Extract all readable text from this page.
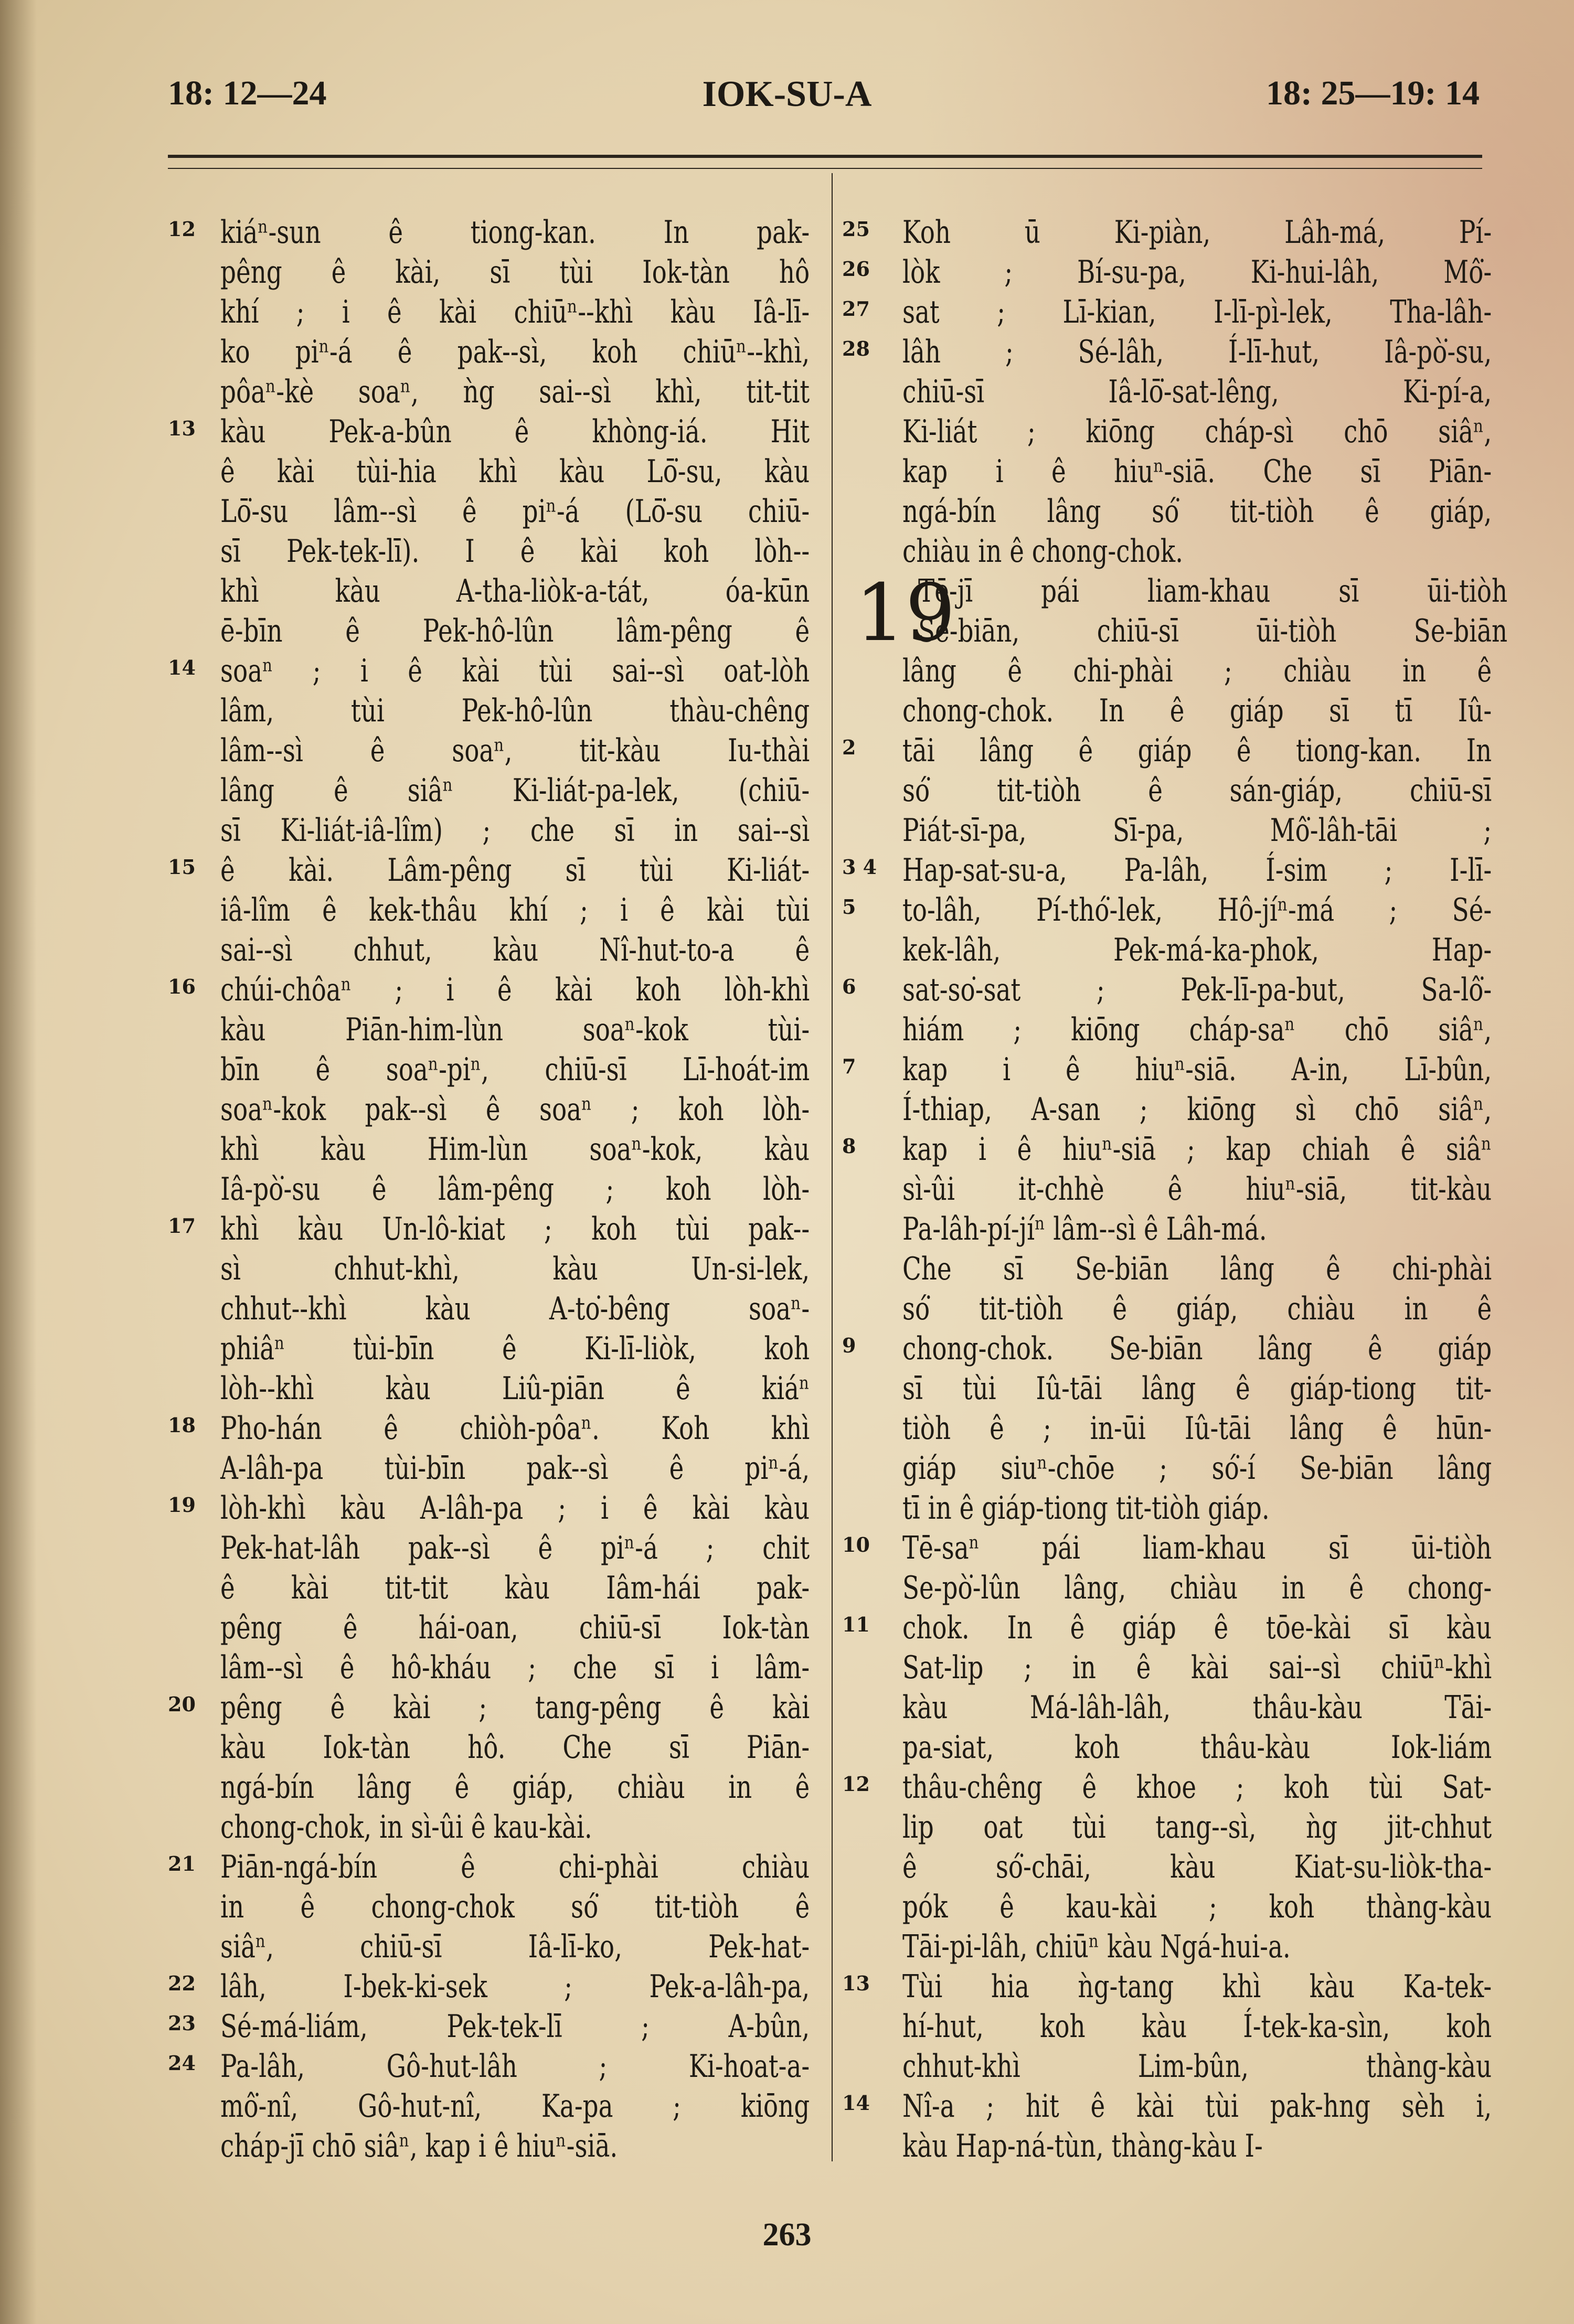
18: 12—24	IOK-SU-A	18: 25—19: 14
12 kiáⁿ-sun ê tiong-kan. In pak-
pêng ê kài, sī tùi Iok-tàn hô
khí ; i ê kài chiūⁿ--khì kàu Iâ-lī-
ko piⁿ-á ê pak--sì, koh chiūⁿ--khì,
pôaⁿ-kè soaⁿ, ǹg sai--sì khì, tit-tit
13 kàu Pek-a-bûn ê khòng-iá. Hit
ê kài tùi-hia khì kàu Lō͘-su, kàu
Lō͘-su lâm--sì ê piⁿ-á (Lō͘-su chiū-
sī Pek-tek-lī). I ê kài koh lòh--
khì kàu A-tha-liòk-a-tát, óa-kūn
ē-bīn ê Pek-hô-lûn lâm-pêng ê
14 soaⁿ ; i ê kài tùi sai--sì oat-lòh
lâm, tùi Pek-hô-lûn thàu-chêng
lâm--sì ê soaⁿ, tit-kàu Iu-thài
lâng ê siâⁿ Ki-liát-pa-lek, (chiū-
sī Ki-liát-iâ-lîm) ; che sī in sai--sì
15 ê kài. Lâm-pêng sī tùi Ki-liát-
iâ-lîm ê kek-thâu khí ; i ê kài tùi
sai--sì chhut, kàu Nî-hut-to-a ê
16 chúi-chôaⁿ ; i ê kài koh lòh-khì
kàu Piān-him-lùn soaⁿ-kok tùi-
bīn ê soaⁿ-piⁿ, chiū-sī Lī-hoát-im
soaⁿ-kok pak--sì ê soaⁿ ; koh lòh-
khì kàu Him-lùn soaⁿ-kok, kàu
Iâ-pò͘-su ê lâm-pêng ; koh lòh-
17 khì kàu Un-lô-kiat ; koh tùi pak--
sì chhut-khì, kàu Un-si-lek,
chhut--khì kàu A-to͘-bêng soaⁿ-
phiâⁿ tùi-bīn ê Ki-lī-liòk, koh
lòh--khì kàu Liû-piān ê kiáⁿ
18 Pho-hán ê chiòh-pôaⁿ. Koh khì
A-lâh-pa tùi-bīn pak--sì ê piⁿ-á,
19 lòh-khì kàu A-lâh-pa ; i ê kài kàu
Pek-hat-lâh pak--sì ê piⁿ-á ; chit
ê kài tit-tit kàu Iâm-hái pak-
pêng ê hái-oan, chiū-sī Iok-tàn
lâm--sì ê hô-kháu ; che sī i lâm-
20 pêng ê kài ; tang-pêng ê kài
kàu Iok-tàn hô. Che sī Piān-
ngá-bín lâng ê giáp, chiàu in ê
chong-chok, in sì-ûi ê kau-kài.
21 Piān-ngá-bín ê chi-phài chiàu
in ê chong-chok só͘ tit-tiòh ê
siâⁿ, chiū-sī Iâ-lī-ko, Pek-hat-
22 lâh, I-bek-ki-sek ; Pek-a-lâh-pa,
23 Sé-má-liám, Pek-tek-lī ; A-bûn,
24 Pa-lâh, Gô-hut-lâh ; Ki-hoat-a-
mô͘-nî, Gô-hut-nî, Ka-pa ; kiōng
cháp-jī chō siâⁿ, kap i ê hiuⁿ-siā.
25 Koh ū Ki-piàn, Lâh-má, Pí-
26 lòk ; Bí-su-pa, Ki-hui-lâh, Mô͘-
27 sat ; Lī-kian, I-lī-pì-lek, Tha-lâh-
28 lâh ; Sé-lâh, Í-lī-hut, Iâ-pò͘-su,
chiū-sī Iâ-lō͘-sat-lêng, Ki-pí-a,
Ki-liát ; kiōng cháp-sì chō siâⁿ,
kap i ê hiuⁿ-siā. Che sī Piān-
ngá-bín lâng só͘ tit-tiòh ê giáp,
chiàu in ê chong-chok.
19
Tē-jī pái liam-khau sī ūi-tiòh
Se-biān, chiū-sī ūi-tiòh Se-biān
lâng ê chi-phài ; chiàu in ê
chong-chok. In ê giáp sī tī Iû-
2 tāi lâng ê giáp ê tiong-kan. In
só͘ tit-tiòh ê sán-giáp, chiū-sī
Piát-sī-pa, Sī-pa, Mô͘-lâh-tāi ;
3 4 Hap-sat-su-a, Pa-lâh, Í-sim ; I-lī-
5 to-lâh, Pí-thó͘-lek, Hô-jíⁿ-má ; Sé-
kek-lâh, Pek-má-ka-phok, Hap-
6 sat-so͘-sat ; Pek-lī-pa-but, Sa-lô͘-
hiám ; kiōng cháp-saⁿ chō siâⁿ,
7 kap i ê hiuⁿ-siā. A-in, Lī-bûn,
Í-thiap, A-san ; kiōng sì chō siâⁿ,
8 kap i ê hiuⁿ-siā ; kap chiah ê siâⁿ
sì-ûi it-chhè ê hiuⁿ-siā, tit-kàu
Pa-lâh-pí-jíⁿ lâm--sì ê Lâh-má.
Che sī Se-biān lâng ê chi-phài
só͘ tit-tiòh ê giáp, chiàu in ê
9 chong-chok. Se-biān lâng ê giáp
sī tùi Iû-tāi lâng ê giáp-tiong tit-
tiòh ê ; in-ūi Iû-tāi lâng ê hūn-
giáp siuⁿ-chōe ; só͘-í Se-biān lâng
tī in ê giáp-tiong tit-tiòh giáp.
10 Tē-saⁿ pái liam-khau sī ūi-tiòh
Se-pò͘-lûn lâng, chiàu in ê chong-
11 chok. In ê giáp ê tōe-kài sī kàu
Sat-lip ; in ê kài sai--sì chiūⁿ-khì
kàu Má-lâh-lâh, thâu-kàu Tāi-
pa-siat, koh thâu-kàu Iok-liám
12 thâu-chêng ê khoe ; koh tùi Sat-
lip oat tùi tang--sì, ǹg jit-chhut
ê só͘-chāi, kàu Kiat-su-liòk-tha-
pók ê kau-kài ; koh thàng-kàu
Tāi-pi-lâh, chiūⁿ kàu Ngá-hui-a.
13 Tùi hia ǹg-tang khì kàu Ka-tek-
hí-hut, koh kàu Í-tek-ka-sìn, koh
chhut-khì Lim-bûn, thàng-kàu
14 Nî-a ; hit ê kài tùi pak-hng sèh i,
kàu Hap-ná-tùn, thàng-kàu I-
263
